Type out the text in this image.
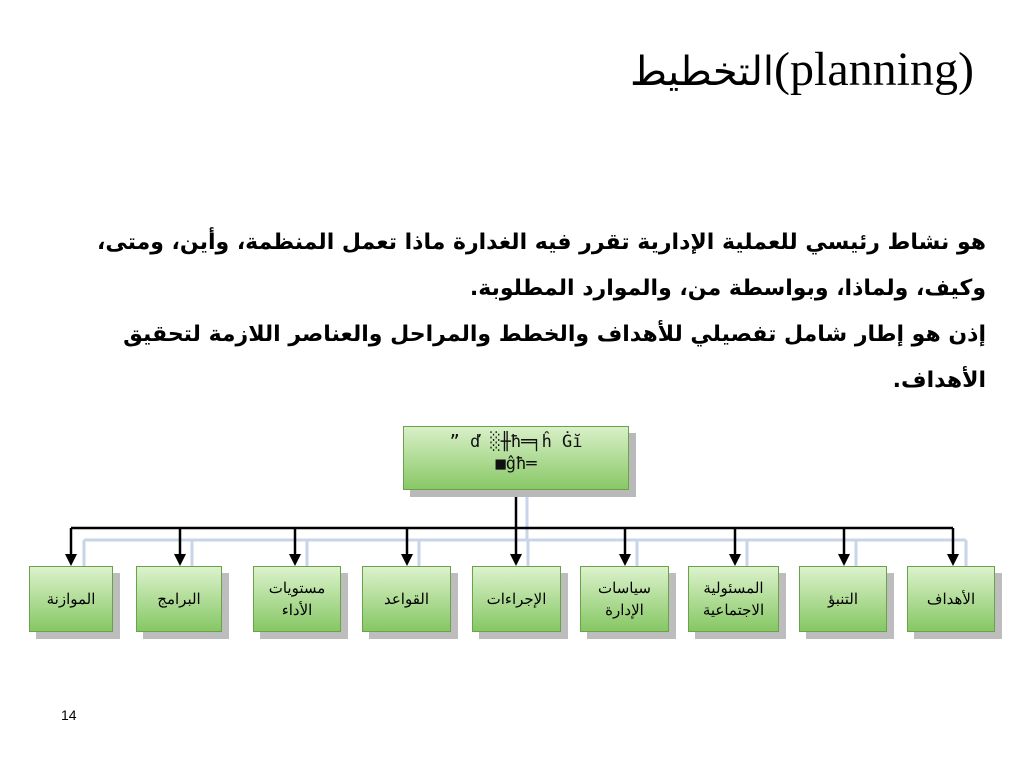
التخطيط(planning)

هو نشاط رئيسي للعملية الإدارية تقرر فيه الغدارة ماذا تعمل المنظمة، وأين، ومتى، وكيف، ولماذا، وبواسطة من، والموارد المطلوبة.

إذن هو إطار شامل تفصيلي للأهداف والخطط والمراحل والعناصر اللازمة لتحقيق الأهداف.

” ď ░╫ħ═╕ĥ Ġĭ
■ĝħ═
الموازنة	البرامج
مستويات الأداء
القواعد	الإجراءات
سياسات الإدارة
المسئولية الاجتماعية
التنبؤ	الأهداف
14
